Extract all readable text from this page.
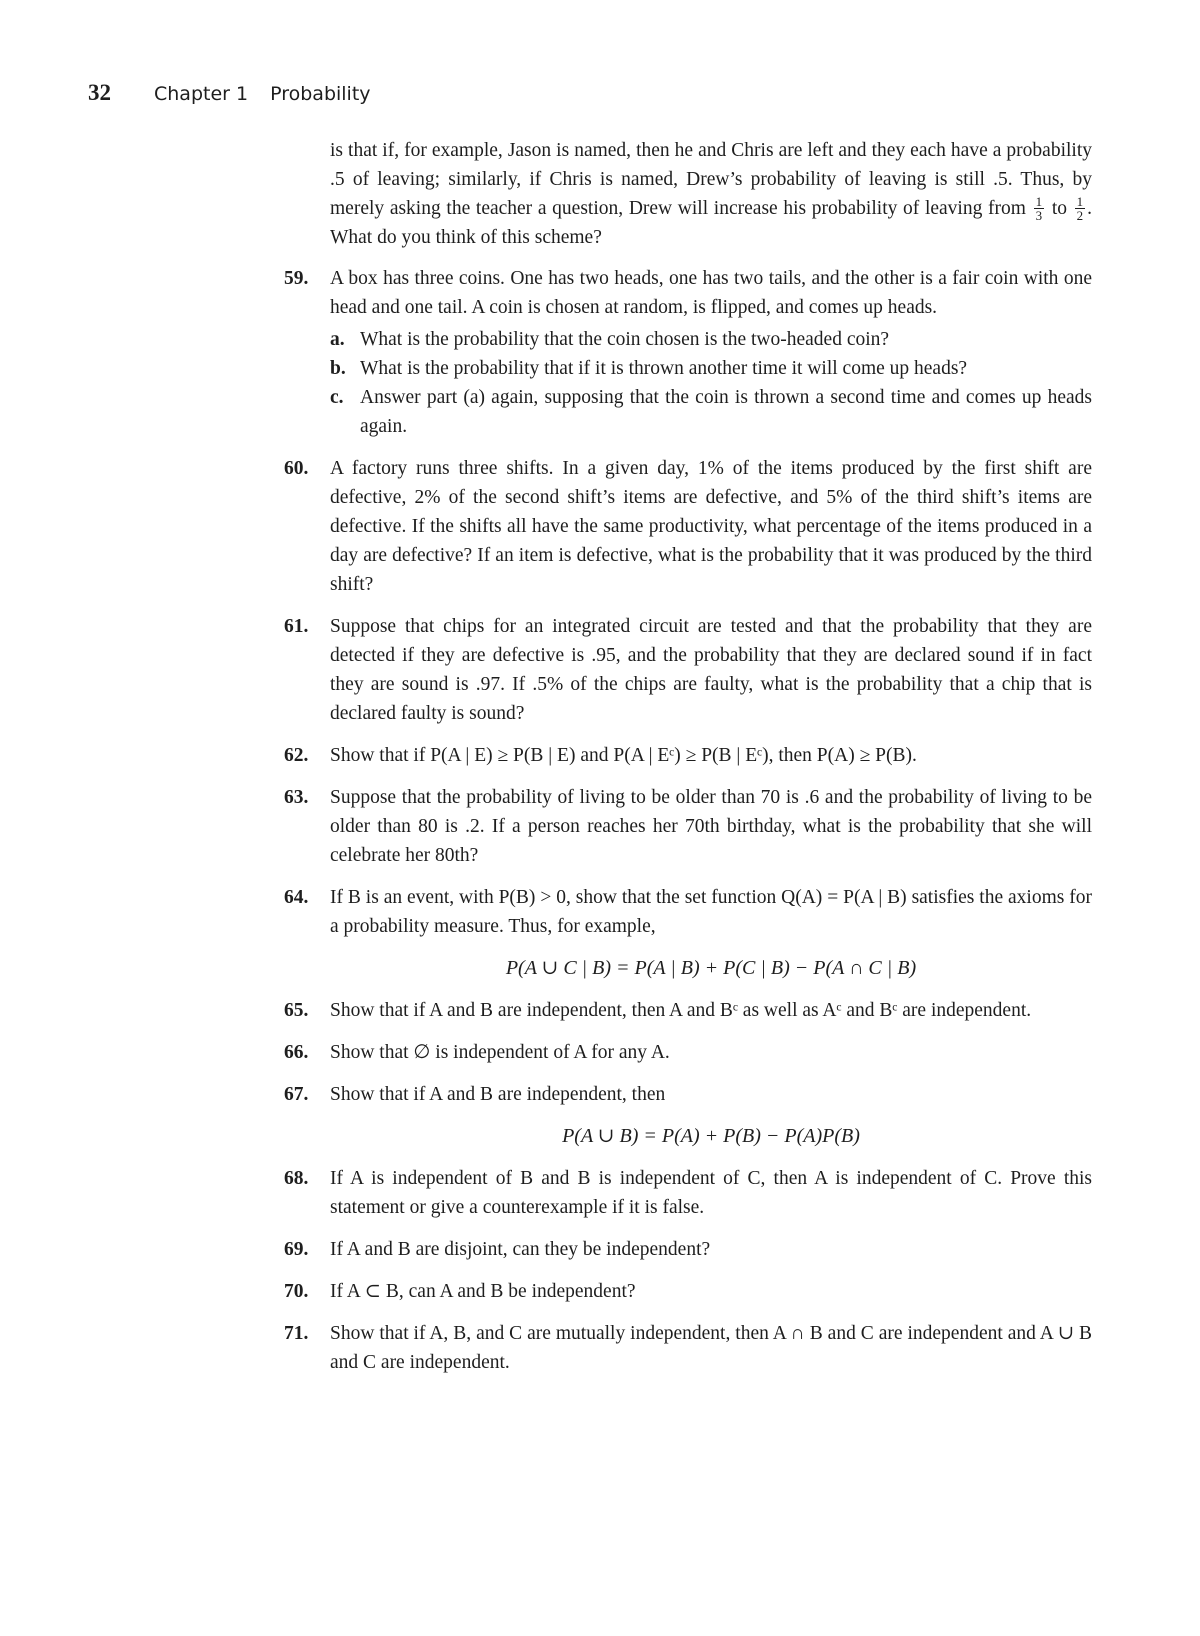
32	Chapter 1 Probability
is that if, for example, Jason is named, then he and Chris are left and they each have a probability .5 of leaving; similarly, if Chris is named, Drew’s probability of leaving is still .5. Thus, by merely asking the teacher a question, Drew will increase his probability of leaving from $\frac{1}{3}$ to $\frac{1}{2}$ . What do you think of this scheme?
59.	A box has three coins. One has two heads, one has two tails, and the other is a fair coin with one head and one tail. A coin is chosen at random, is flipped, and comes up heads.
a. What is the probability that the coin chosen is the two-headed coin?
b. What is the probability that if it is thrown another time it will come up heads?
c. Answer part (a) again, supposing that the coin is thrown a second time and comes up heads again.
60.	A factory runs three shifts. In a given day, 1% of the items produced by the first shift are defective, 2% of the second shift’s items are defective, and 5% of the third shift’s items are defective. If the shifts all have the same productivity, what percentage of the items produced in a day are defective? If an item is defective, what is the probability that it was produced by the third shift?
61.	Suppose that chips for an integrated circuit are tested and that the probability that they are detected if they are defective is .95, and the probability that they are declared sound if in fact they are sound is .97. If .5% of the chips are faulty, what is the probability that a chip that is declared faulty is sound?
62.	Show that if P(A | E) ≥ P(B | E) and P(A | Eᶜ) ≥ P(B | Eᶜ), then P(A) ≥ P(B).
63.	Suppose that the probability of living to be older than 70 is .6 and the probability of living to be older than 80 is .2. If a person reaches her 70th birthday, what is the probability that she will celebrate her 80th?
64.	If B is an event, with P(B) > 0, show that the set function Q(A) = P(A | B) satisfies the axioms for a probability measure. Thus, for example,
P(A ∪ C | B) = P(A | B) + P(C | B) − P(A ∩ C | B)
65.	Show that if A and B are independent, then A and Bᶜ as well as Aᶜ and Bᶜ are independent.
66.	Show that ∅ is independent of A for any A.
67.	Show that if A and B are independent, then
P(A ∪ B) = P(A) + P(B) − P(A)P(B)
68.	If A is independent of B and B is independent of C, then A is independent of C. Prove this statement or give a counterexample if it is false.
69.	If A and B are disjoint, can they be independent?
70.	If A ⊂ B, can A and B be independent?
71.	Show that if A, B, and C are mutually independent, then A ∩ B and C are independent and A ∪ B and C are independent.
